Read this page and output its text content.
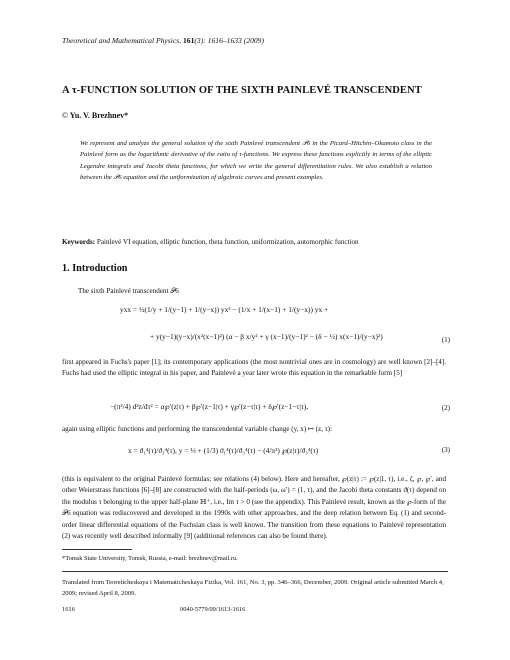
Theoretical and Mathematical Physics, 161(3): 1616–1633 (2009)
A τ-FUNCTION SOLUTION OF THE SIXTH PAINLEVÉ TRANSCENDENT
© Yu. V. Brezhnev*
We represent and analyze the general solution of the sixth Painlevé transcendent 𝒫6 in the Picard–Hitchin–Okamoto class in the Painlevé form as the logarithmic derivative of the ratio of τ-functions. We express these functions explicitly in terms of the elliptic Legendre integrals and Jacobi theta functions, for which we write the general differentiation rules. We also establish a relation between the 𝒫6 equation and the uniformization of algebraic curves and present examples.
Keywords: Painlevé VI equation, elliptic function, theta function, uniformization, automorphic function
1. Introduction
The sixth Painlevé transcendent 𝒫6
yxx = ½(1/y + 1/(y−1) + 1/(y−x)) yx² − (1/x + 1/(x−1) + 1/(y−x)) yx +
+ y(y−1)(y−x)/(x²(x−1)²) (α − β x/y² + γ (x−1)/(y−1)² − (δ − ½) x(x−1)/(y−x)²)	(1)
first appeared in Fuchs's paper [1]; its contemporary applications (the most nontrivial ones are in cosmology) are well known [2]–[4]. Fuchs had used the elliptic integral in his paper, and Painlevé a year later wrote this equation in the remarkable form [5]
−(π²/4) d²z/dτ² = α℘′(z|τ) + β℘′(z−1|τ) + γ℘′(z−τ|τ) + δ℘′(z−1−τ|τ),	(2)
again using elliptic functions and performing the transcendental variable change (y, x) ↦ (z, τ):
x = ϑ₁⁴(τ)/ϑ₃⁴(τ), y = ⅓ + (1/3) ϑ₁⁴(τ)/ϑ₃⁴(τ) − (4/π²) ℘(z|τ)/ϑ₃⁴(τ)	(3)
(this is equivalent to the original Painlevé formulas; see relations (4) below). Here and hereafter, ℘(z|τ) := ℘(z|1, τ), i.e., ζ, ℘, ℘′, and other Weierstrass functions [6]–[8] are constructed with the half-periods (ω, ω′) = (1, τ), and the Jacobi theta constants ϑ(τ) depend on the modulus τ belonging to the upper half-plane ℍ⁺, i.e., Im τ > 0 (see the appendix). This Painlevé result, known as the ℘-form of the 𝒫6 equation was rediscovered and developed in the 1990s with other approaches, and the deep relation between Eq. (1) and second-order linear differential equations of the Fuchsian class is well known. The transition from these equations to Painlevé representation (2) was recently well described informally [9] (additional references can also be found there).
*Tomsk State University, Tomsk, Russia, e-mail: brezhnev@mail.ru.
Translated from Teoreticheskaya i Matematicheskaya Fizika, Vol. 161, No. 3, pp. 346–366, December, 2009. Original article submitted March 4, 2009; revised April 8, 2009.
1616	0040-5779/09/1613-1616
